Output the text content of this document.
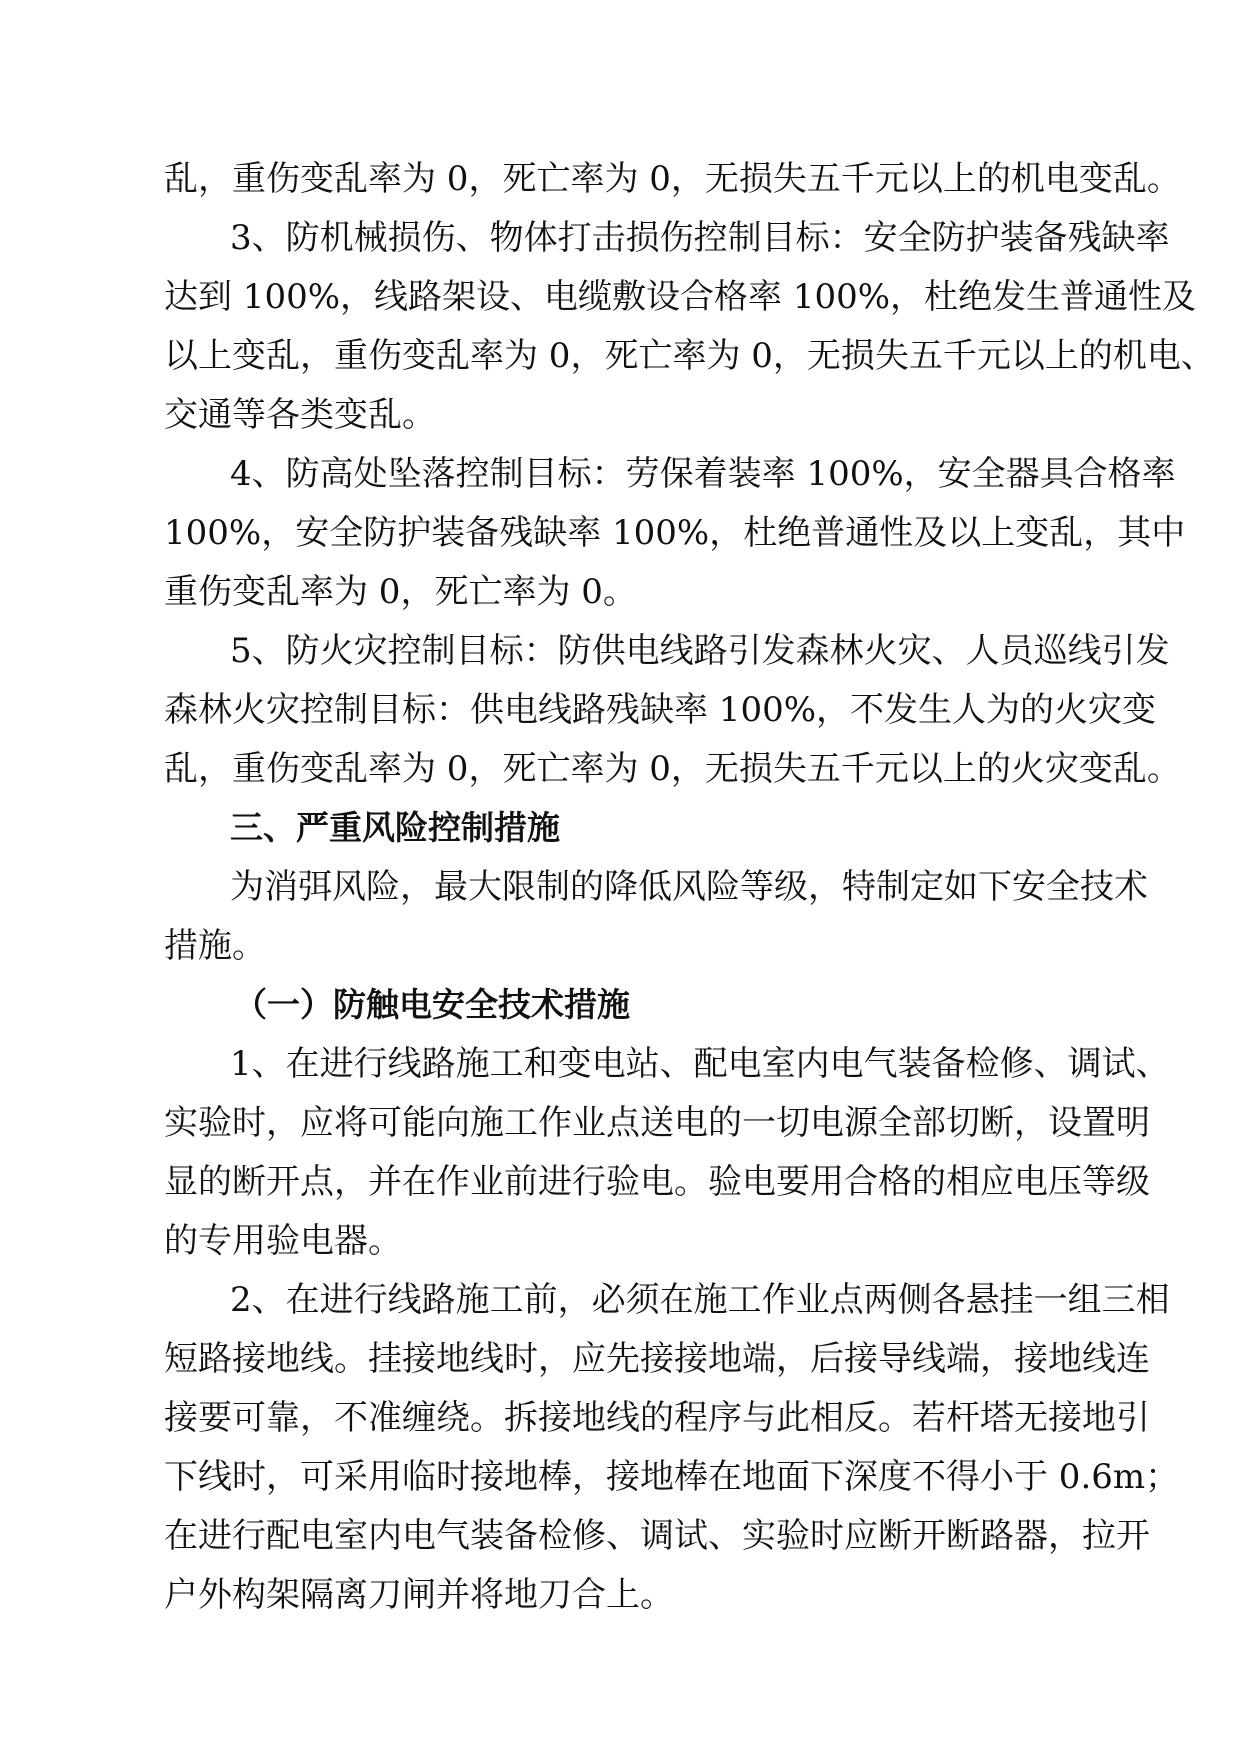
乱，重伤变乱率为 0，死亡率为 0，无损失五千元以上的机电变乱。
3、防机械损伤、物体打击损伤控制目标：安全防护装备残缺率
达到 100%，线路架设、电缆敷设合格率 100%，杜绝发生普通性及
以上变乱，重伤变乱率为 0，死亡率为 0，无损失五千元以上的机电、
交通等各类变乱。
4、防高处坠落控制目标：劳保着装率 100%，安全器具合格率
100%，安全防护装备残缺率 100%，杜绝普通性及以上变乱，其中
重伤变乱率为 0，死亡率为 0。
5、防火灾控制目标：防供电线路引发森林火灾、人员巡线引发
森林火灾控制目标：供电线路残缺率 100%，不发生人为的火灾变
乱，重伤变乱率为 0，死亡率为 0，无损失五千元以上的火灾变乱。
三、严重风险控制措施
为消弭风险，最大限制的降低风险等级，特制定如下安全技术
措施。
（一）防触电安全技术措施
1、在进行线路施工和变电站、配电室内电气装备检修、调试、
实验时，应将可能向施工作业点送电的一切电源全部切断，设置明
显的断开点，并在作业前进行验电。验电要用合格的相应电压等级
的专用验电器。
2、在进行线路施工前，必须在施工作业点两侧各悬挂一组三相
短路接地线。挂接地线时，应先接接地端，后接导线端，接地线连
接要可靠，不准缠绕。拆接地线的程序与此相反。若杆塔无接地引
下线时，可采用临时接地棒，接地棒在地面下深度不得小于 0.6m；
在进行配电室内电气装备检修、调试、实验时应断开断路器，拉开
户外构架隔离刀闸并将地刀合上。
